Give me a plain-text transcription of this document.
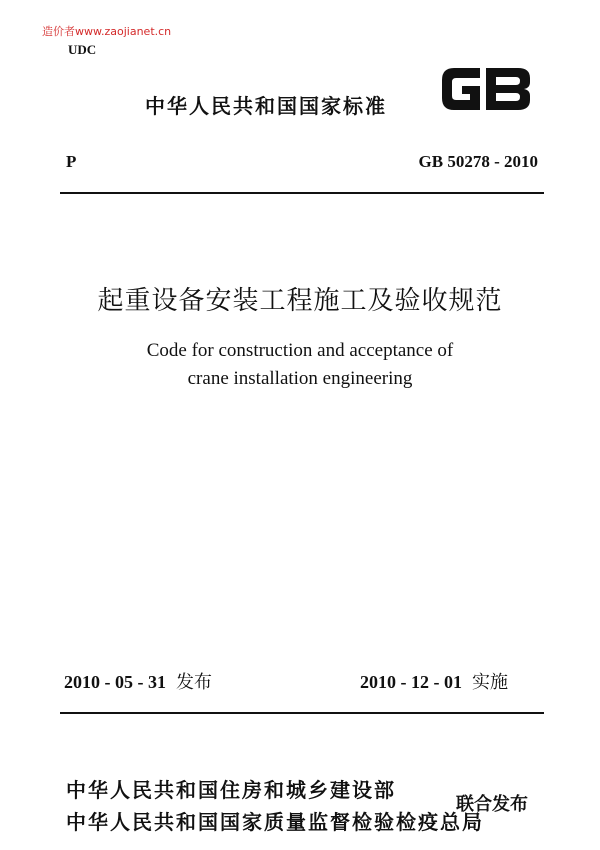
造价者www.zaojianet.cn
UDC
中华人民共和国国家标准
P	GB 50278 - 2010
起重设备安装工程施工及验收规范
Code for construction and acceptance of
crane installation engineering
2010 - 05 - 31 发布	2010 - 12 - 01 实施
中华人民共和国住房和城乡建设部
中华人民共和国国家质量监督检验检疫总局
联合发布
